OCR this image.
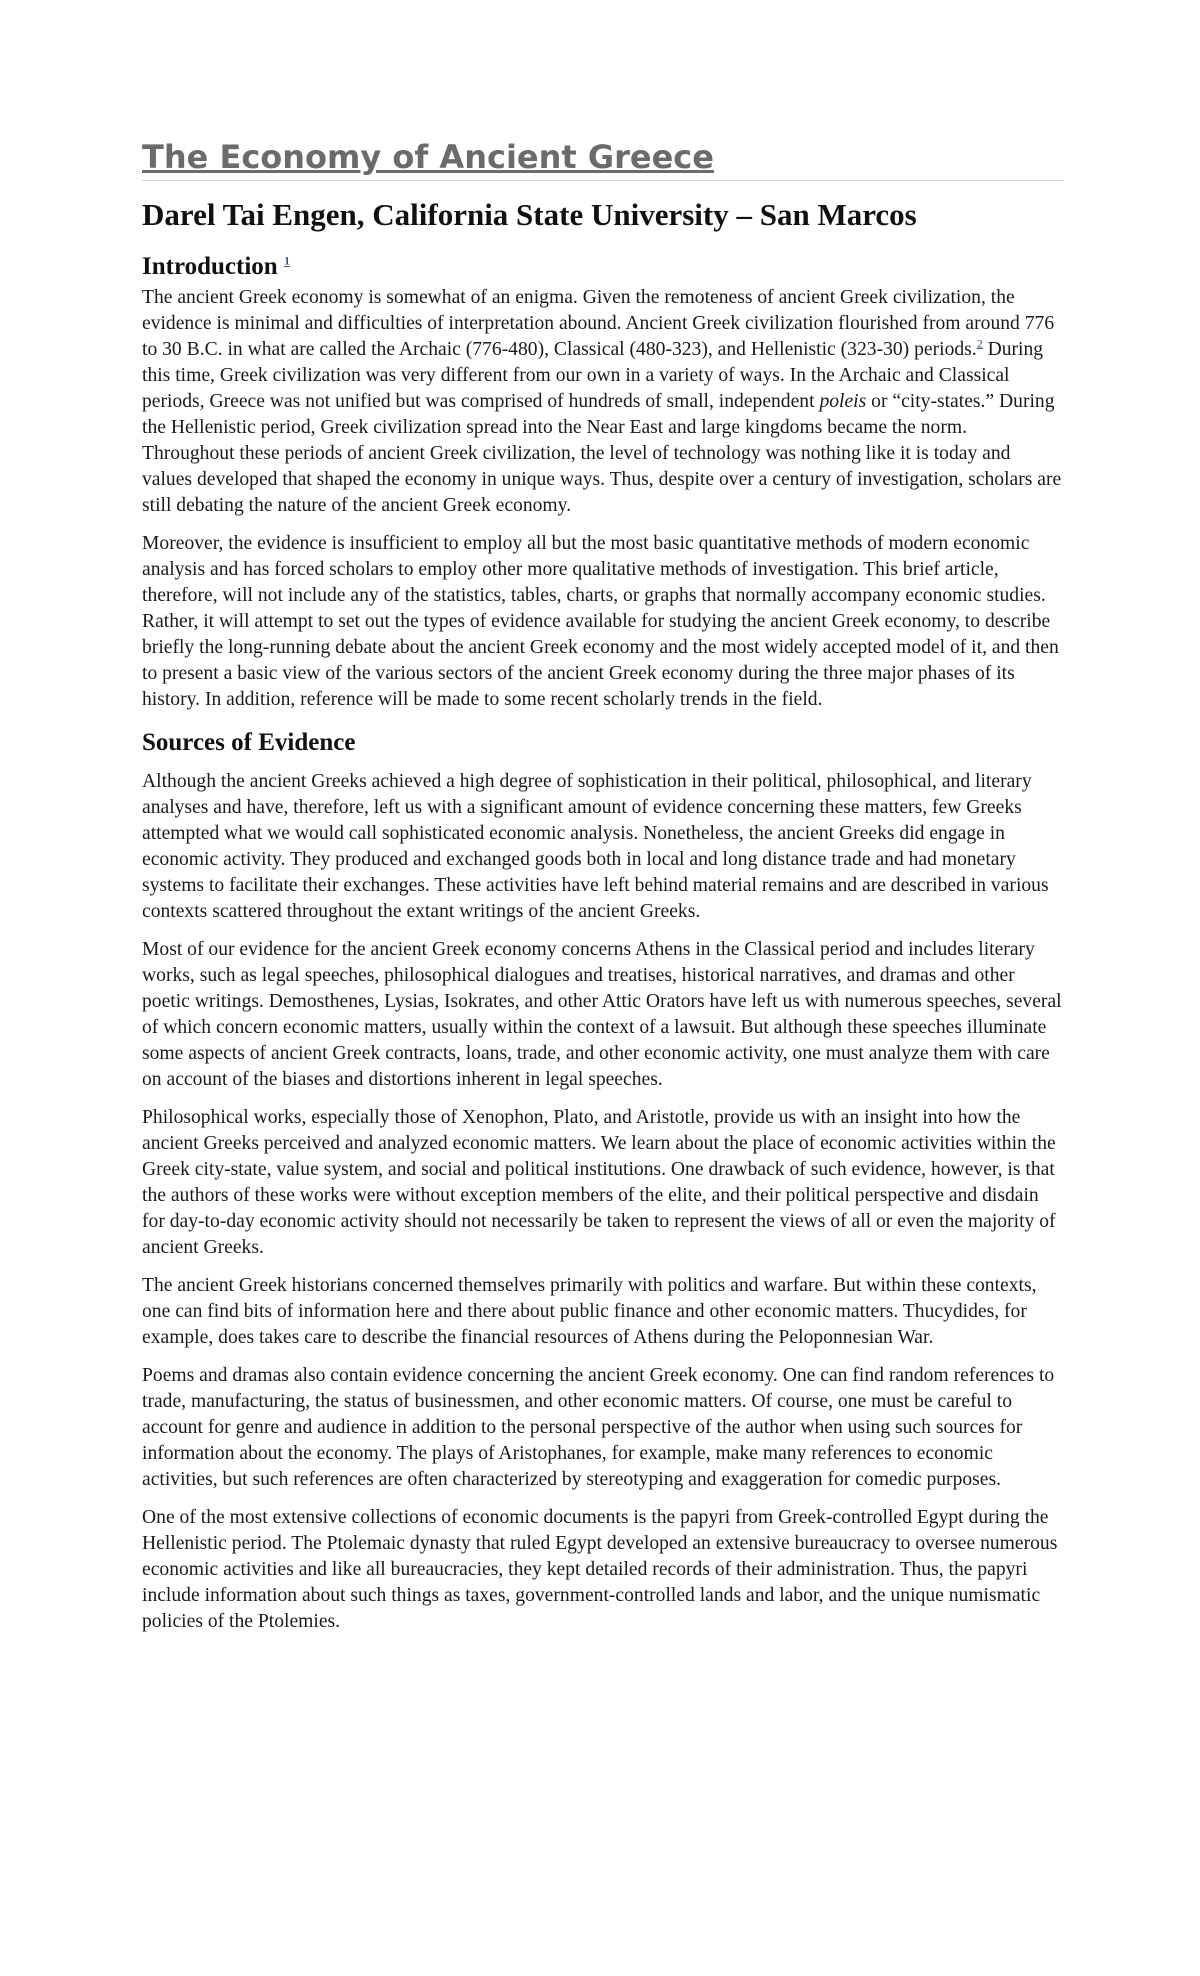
The Economy of Ancient Greece
Darel Tai Engen, California State University – San Marcos
Introduction $^1$

The ancient Greek economy is somewhat of an enigma. Given the remoteness of ancient Greek civilization, the evidence is minimal and difficulties of interpretation abound. Ancient Greek civilization flourished from around 776 to 30 B.C. in what are called the Archaic (776-480), Classical (480-323), and Hellenistic (323-30) periods.$^2$ During this time, Greek civilization was very different from our own in a variety of ways. In the Archaic and Classical periods, Greece was not unified but was comprised of hundreds of small, independent poleis or “city-states.” During the Hellenistic period, Greek civilization spread into the Near East and large kingdoms became the norm. Throughout these periods of ancient Greek civilization, the level of technology was nothing like it is today and values developed that shaped the economy in unique ways. Thus, despite over a century of investigation, scholars are still debating the nature of the ancient Greek economy.

Moreover, the evidence is insufficient to employ all but the most basic quantitative methods of modern economic analysis and has forced scholars to employ other more qualitative methods of investigation. This brief article, therefore, will not include any of the statistics, tables, charts, or graphs that normally accompany economic studies. Rather, it will attempt to set out the types of evidence available for studying the ancient Greek economy, to describe briefly the long-running debate about the ancient Greek economy and the most widely accepted model of it, and then to present a basic view of the various sectors of the ancient Greek economy during the three major phases of its history. In addition, reference will be made to some recent scholarly trends in the field.

Sources of Evidence

Although the ancient Greeks achieved a high degree of sophistication in their political, philosophical, and literary analyses and have, therefore, left us with a significant amount of evidence concerning these matters, few Greeks attempted what we would call sophisticated economic analysis. Nonetheless, the ancient Greeks did engage in economic activity. They produced and exchanged goods both in local and long distance trade and had monetary systems to facilitate their exchanges. These activities have left behind material remains and are described in various contexts scattered throughout the extant writings of the ancient Greeks.

Most of our evidence for the ancient Greek economy concerns Athens in the Classical period and includes literary works, such as legal speeches, philosophical dialogues and treatises, historical narratives, and dramas and other poetic writings. Demosthenes, Lysias, Isokrates, and other Attic Orators have left us with numerous speeches, several of which concern economic matters, usually within the context of a lawsuit. But although these speeches illuminate some aspects of ancient Greek contracts, loans, trade, and other economic activity, one must analyze them with care on account of the biases and distortions inherent in legal speeches.

Philosophical works, especially those of Xenophon, Plato, and Aristotle, provide us with an insight into how the ancient Greeks perceived and analyzed economic matters. We learn about the place of economic activities within the Greek city-state, value system, and social and political institutions. One drawback of such evidence, however, is that the authors of these works were without exception members of the elite, and their political perspective and disdain for day-to-day economic activity should not necessarily be taken to represent the views of all or even the majority of ancient Greeks.

The ancient Greek historians concerned themselves primarily with politics and warfare. But within these contexts, one can find bits of information here and there about public finance and other economic matters. Thucydides, for example, does takes care to describe the financial resources of Athens during the Peloponnesian War.

Poems and dramas also contain evidence concerning the ancient Greek economy. One can find random references to trade, manufacturing, the status of businessmen, and other economic matters. Of course, one must be careful to account for genre and audience in addition to the personal perspective of the author when using such sources for information about the economy. The plays of Aristophanes, for example, make many references to economic activities, but such references are often characterized by stereotyping and exaggeration for comedic purposes.

One of the most extensive collections of economic documents is the papyri from Greek-controlled Egypt during the Hellenistic period. The Ptolemaic dynasty that ruled Egypt developed an extensive bureaucracy to oversee numerous economic activities and like all bureaucracies, they kept detailed records of their administration. Thus, the papyri include information about such things as taxes, government-controlled lands and labor, and the unique numismatic policies of the Ptolemies.
